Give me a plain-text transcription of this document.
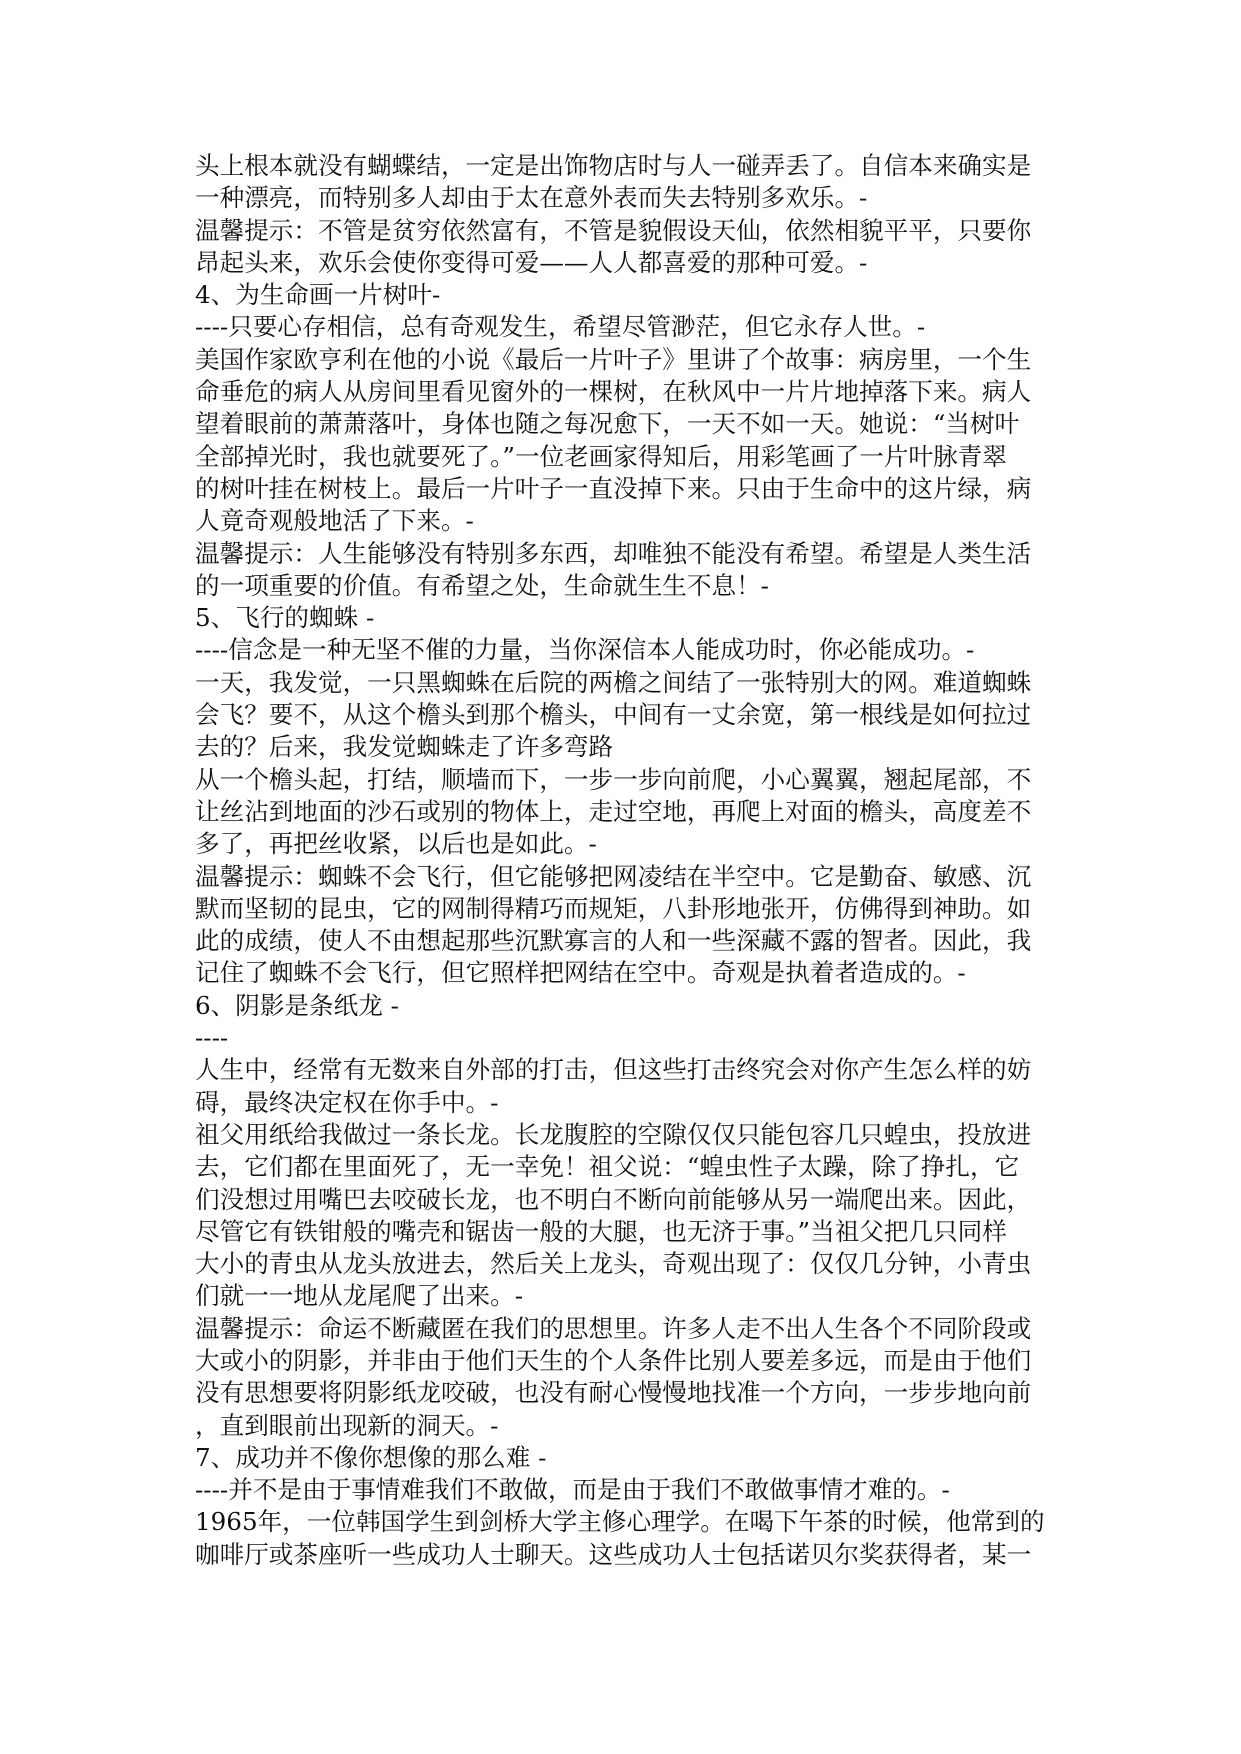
头上根本就没有蝴蝶结，一定是出饰物店时与人一碰弄丢了。自信本来确实是
一种漂亮，而特别多人却由于太在意外表而失去特别多欢乐。-
温馨提示：不管是贫穷依然富有，不管是貌假设天仙，依然相貌平平，只要你
昂起头来，欢乐会使你变得可爱——人人都喜爱的那种可爱。-
4、为生命画一片树叶-
----只要心存相信，总有奇观发生，希望尽管渺茫，但它永存人世。-
美国作家欧亨利在他的小说《最后一片叶子》里讲了个故事：病房里，一个生
命垂危的病人从房间里看见窗外的一棵树，在秋风中一片片地掉落下来。病人
望着眼前的萧萧落叶，身体也随之每况愈下，一天不如一天。她说：“当树叶
全部掉光时，我也就要死了。”一位老画家得知后，用彩笔画了一片叶脉青翠
的树叶挂在树枝上。最后一片叶子一直没掉下来。只由于生命中的这片绿，病
人竟奇观般地活了下来。-
温馨提示：人生能够没有特别多东西，却唯独不能没有希望。希望是人类生活
的一项重要的价值。有希望之处，生命就生生不息！-
5、飞行的蜘蛛 -
----信念是一种无坚不催的力量，当你深信本人能成功时，你必能成功。-
一天，我发觉，一只黑蜘蛛在后院的两檐之间结了一张特别大的网。难道蜘蛛
会飞？要不，从这个檐头到那个檐头，中间有一丈余宽，第一根线是如何拉过
去的？后来，我发觉蜘蛛走了许多弯路
从一个檐头起，打结，顺墙而下，一步一步向前爬，小心翼翼，翘起尾部，不
让丝沾到地面的沙石或别的物体上，走过空地，再爬上对面的檐头，高度差不
多了，再把丝收紧，以后也是如此。-
温馨提示：蜘蛛不会飞行，但它能够把网凌结在半空中。它是勤奋、敏感、沉
默而坚韧的昆虫，它的网制得精巧而规矩，八卦形地张开，仿佛得到神助。如
此的成绩，使人不由想起那些沉默寡言的人和一些深藏不露的智者。因此，我
记住了蜘蛛不会飞行，但它照样把网结在空中。奇观是执着者造成的。-
6、阴影是条纸龙 -
----
人生中，经常有无数来自外部的打击，但这些打击终究会对你产生怎么样的妨
碍，最终决定权在你手中。-
祖父用纸给我做过一条长龙。长龙腹腔的空隙仅仅只能包容几只蝗虫，投放进
去，它们都在里面死了，无一幸免！祖父说：“蝗虫性子太躁，除了挣扎，它
们没想过用嘴巴去咬破长龙，也不明白不断向前能够从另一端爬出来。因此，
尽管它有铁钳般的嘴壳和锯齿一般的大腿，也无济于事。”当祖父把几只同样
大小的青虫从龙头放进去，然后关上龙头，奇观出现了：仅仅几分钟，小青虫
们就一一地从龙尾爬了出来。-
温馨提示：命运不断藏匿在我们的思想里。许多人走不出人生各个不同阶段或
大或小的阴影，并非由于他们天生的个人条件比别人要差多远，而是由于他们
没有思想要将阴影纸龙咬破，也没有耐心慢慢地找准一个方向，一步步地向前
，直到眼前出现新的洞天。-
7、成功并不像你想像的那么难 -
----并不是由于事情难我们不敢做，而是由于我们不敢做事情才难的。-
1965年，一位韩国学生到剑桥大学主修心理学。在喝下午茶的时候，他常到的
咖啡厅或茶座听一些成功人士聊天。这些成功人士包括诺贝尔奖获得者，某一
